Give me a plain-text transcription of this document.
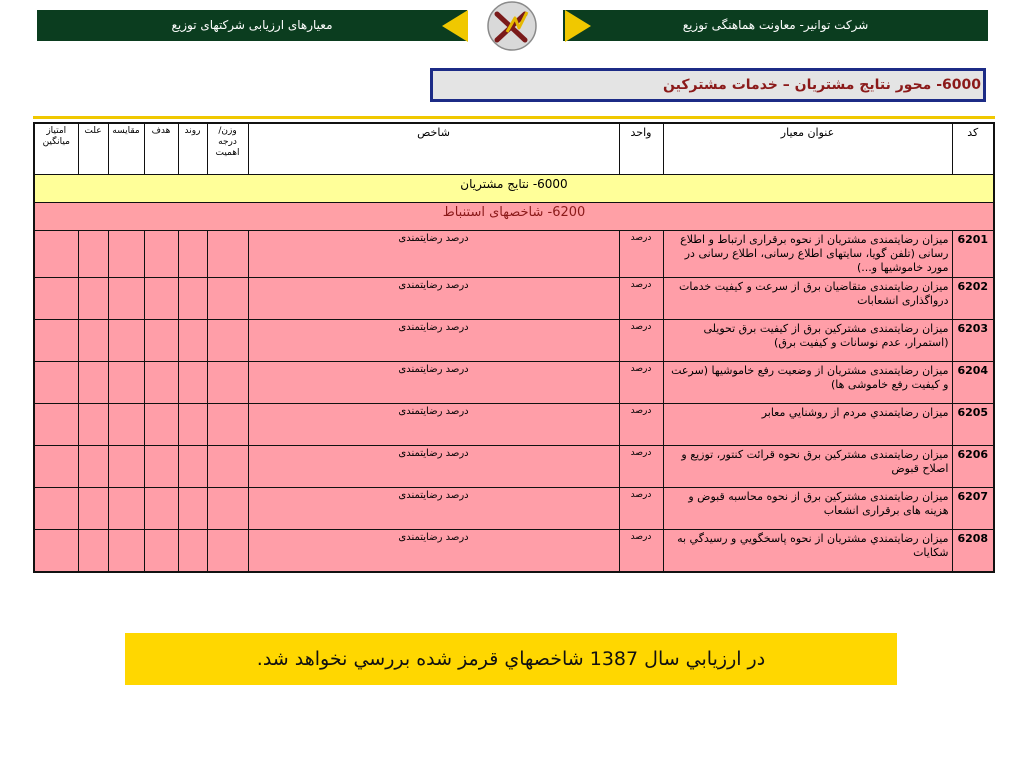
معیارهای ارزیابی شرکتهای توزیع	شرکت توانیر- معاونت هماهنگی توزیع
6000- محور نتایج مشتریان – خدمات مشترکین
کد	عنوان معیار	واحد	شاخص	وزن/ درجه اهمیت	روند	هدف	مقایسه	علت	امتیاز میانگین
6000- نتایج مشتریان									
6200- شاخصهای استنباط									
6201	میزان رضایتمندی مشتریان از نحوه برقراری ارتباط و اطلاع رسانی (تلفن گویا، سایتهای اطلاع رسانی، اطلاع رسانی در مورد خاموشیها و...)	درصد	درصد رضایتمندی						
6202	میزان رضایتمندی متقاضیان برق از سرعت و کیفیت خدمات درواگذاری انشعابات	درصد	درصد رضایتمندی						
6203	میزان رضایتمندی مشترکین برق از کیفیت برق تحویلی (استمرار، عدم نوسانات و کیفیت برق)	درصد	درصد رضایتمندی						
6204	میزان رضایتمندی مشتریان از وضعیت رفع خاموشیها (سرعت و کیفیت رفع خاموشی ها)	درصد	درصد رضایتمندی						
6205	ميزان رضايتمندي مردم از روشنايي معابر	درصد	درصد رضایتمندی						
6206	میزان رضایتمندی مشترکین برق نحوه قرائت کنتور، توزیع و اصلاح قبوض	درصد	درصد رضایتمندی						
6207	میزان رضایتمندی مشترکین برق از نحوه محاسبه قبوض و هزینه های برقراری انشعاب	درصد	درصد رضایتمندی						
6208	ميزان رضايتمندي مشتريان از نحوه پاسخگويي و رسيدگي به شكايات	درصد	درصد رضایتمندی						
در ارزيابي سال 1387 شاخصهاي قرمز شده بررسي نخواهد شد.
